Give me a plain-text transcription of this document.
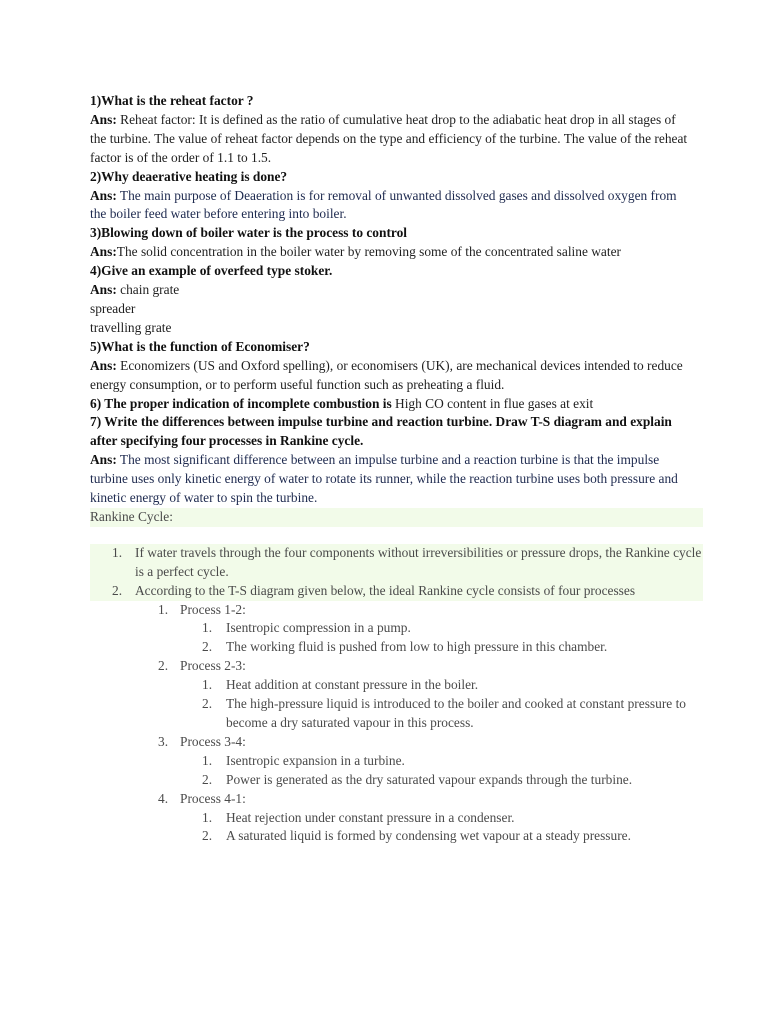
1)What is the reheat factor ?

Ans: Reheat factor: It is defined as the ratio of cumulative heat drop to the adiabatic heat drop in all stages of the turbine. The value of reheat factor depends on the type and efficiency of the turbine. The value of the reheat factor is of the order of 1.1 to 1.5.

2)Why deaerative heating is done?

Ans: The main purpose of Deaeration is for removal of unwanted dissolved gases and dissolved oxygen from the boiler feed water before entering into boiler.

3)Blowing down of boiler water is the process to control

Ans:The solid concentration in the boiler water by removing some of the concentrated saline water

4)Give an example of overfeed type stoker.

Ans: chain grate

spreader

travelling grate

5)What is the function of Economiser?

Ans: Economizers (US and Oxford spelling), or economisers (UK), are mechanical devices intended to reduce energy consumption, or to perform useful function such as preheating a fluid.

6) The proper indication of incomplete combustion is High CO content in flue gases at exit

7) Write the differences between impulse turbine and reaction turbine. Draw T-S diagram and explain after specifying four processes in Rankine cycle.

Ans: The most significant difference between an impulse turbine and a reaction turbine is that the impulse turbine uses only kinetic energy of water to rotate its runner, while the reaction turbine uses both pressure and kinetic energy of water to spin the turbine.

Rankine Cycle:

1. If water travels through the four components without irreversibilities or pressure drops, the Rankine cycle is a perfect cycle.
2. According to the T-S diagram given below, the ideal Rankine cycle consists of four processes
1. Process 1-2:
1. Isentropic compression in a pump.
2. The working fluid is pushed from low to high pressure in this chamber.
2. Process 2-3:
1. Heat addition at constant pressure in the boiler.
2. The high-pressure liquid is introduced to the boiler and cooked at constant pressure to become a dry saturated vapour in this process.
3. Process 3-4:
1. Isentropic expansion in a turbine.
2. Power is generated as the dry saturated vapour expands through the turbine.
4. Process 4-1:
1. Heat rejection under constant pressure in a condenser.
2. A saturated liquid is formed by condensing wet vapour at a steady pressure.
